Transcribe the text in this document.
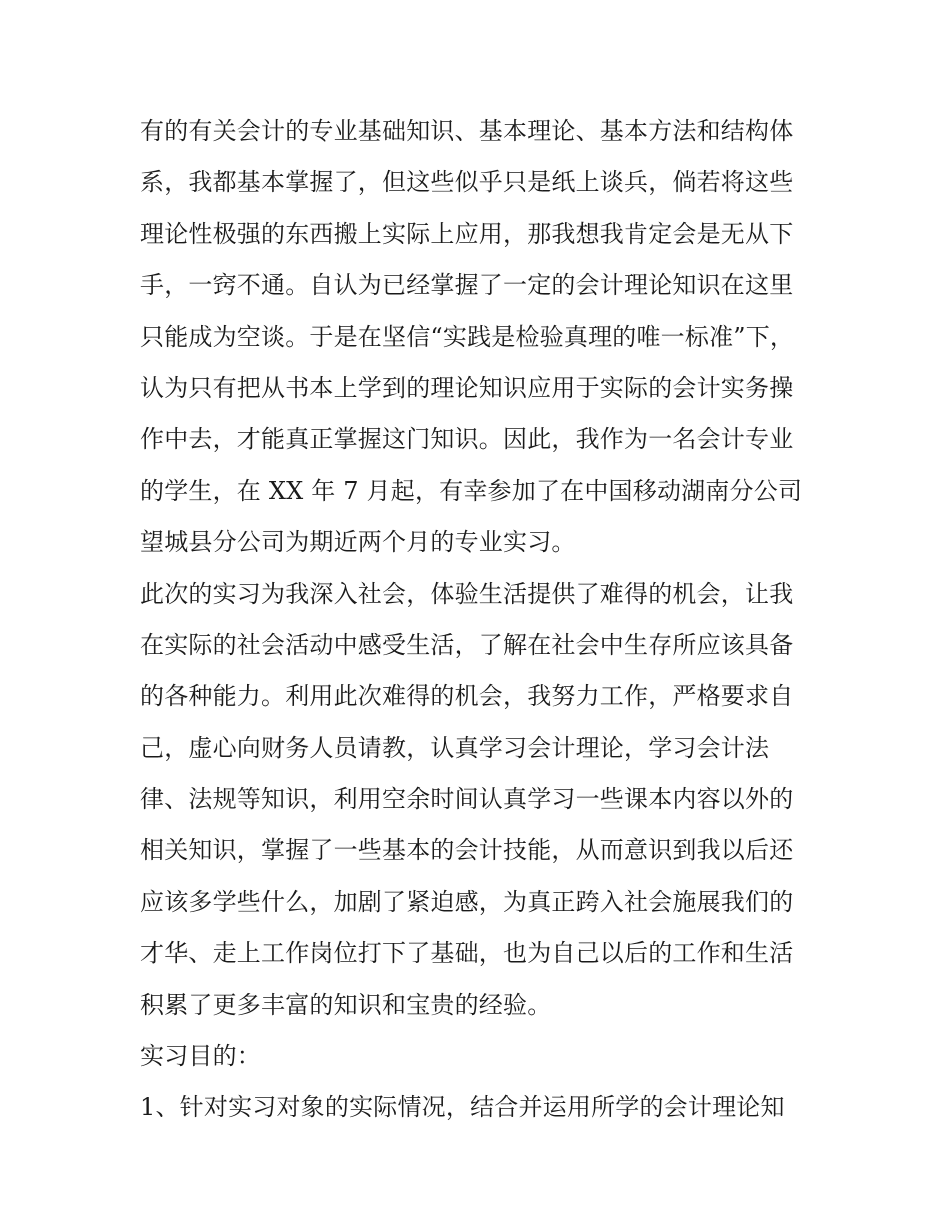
有的有关会计的专业基础知识、基本理论、基本方法和结构体
系，我都基本掌握了，但这些似乎只是纸上谈兵，倘若将这些
理论性极强的东西搬上实际上应用，那我想我肯定会是无从下
手，一窍不通。自认为已经掌握了一定的会计理论知识在这里
只能成为空谈。于是在坚信“实践是检验真理的唯一标准”下，
认为只有把从书本上学到的理论知识应用于实际的会计实务操
作中去，才能真正掌握这门知识。因此，我作为一名会计专业
的学生，在 XX 年 7 月起，有幸参加了在中国移动湖南分公司
望城县分公司为期近两个月的专业实习。
此次的实习为我深入社会，体验生活提供了难得的机会，让我
在实际的社会活动中感受生活，了解在社会中生存所应该具备
的各种能力。利用此次难得的机会，我努力工作，严格要求自
己，虚心向财务人员请教，认真学习会计理论，学习会计法
律、法规等知识，利用空余时间认真学习一些课本内容以外的
相关知识，掌握了一些基本的会计技能，从而意识到我以后还
应该多学些什么，加剧了紧迫感，为真正跨入社会施展我们的
才华、走上工作岗位打下了基础，也为自己以后的工作和生活
积累了更多丰富的知识和宝贵的经验。
实习目的：
1、针对实习对象的实际情况，结合并运用所学的会计理论知
